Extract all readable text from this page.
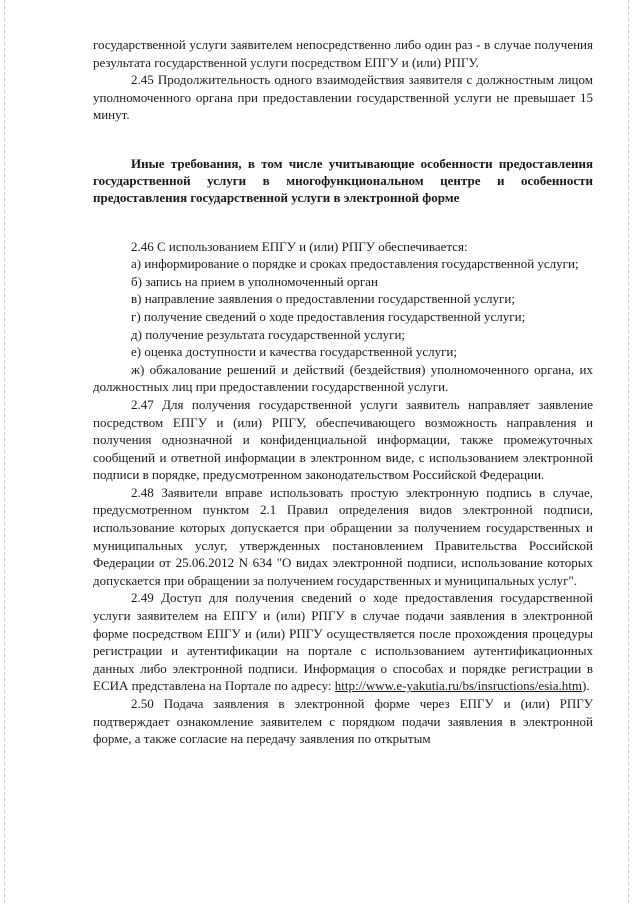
государственной услуги заявителем непосредственно либо один раз - в случае получения результата государственной услуги посредством ЕПГУ и (или) РПГУ.

2.45 Продолжительность одного взаимодействия заявителя с должностным лицом уполномоченного органа при предоставлении государственной услуги не превышает 15 минут.

Иные требования, в том числе учитывающие особенности предоставления государственной услуги в многофункциональном центре и особенности предоставления государственной услуги в электронной форме

2.46 С использованием ЕПГУ и (или) РПГУ обеспечивается:

а) информирование о порядке и сроках предоставления государственной услуги;

б) запись на прием в уполномоченный орган

в) направление заявления о предоставлении государственной услуги;

г) получение сведений о ходе предоставления государственной услуги;

д) получение результата государственной услуги;

е) оценка доступности и качества государственной услуги;

ж) обжалование решений и действий (бездействия) уполномоченного органа, их должностных лиц при предоставлении государственной услуги.

2.47 Для получения государственной услуги заявитель направляет заявление посредством ЕПГУ и (или) РПГУ, обеспечивающего возможность направления и получения однозначной и конфиденциальной информации, также промежуточных сообщений и ответной информации в электронном виде, с использованием электронной подписи в порядке, предусмотренном законодательством Российской Федерации.

2.48 Заявители вправе использовать простую электронную подпись в случае, предусмотренном пунктом 2.1 Правил определения видов электронной подписи, использование которых допускается при обращении за получением государственных и муниципальных услуг, утвержденных постановлением Правительства Российской Федерации от 25.06.2012 N 634 "О видах электронной подписи, использование которых допускается при обращении за получением государственных и муниципальных услуг".

2.49 Доступ для получения сведений о ходе предоставления государственной услуги заявителем на ЕПГУ и (или) РПГУ в случае подачи заявления в электронной форме посредством ЕПГУ и (или) РПГУ осуществляется после прохождения процедуры регистрации и аутентификации на портале с использованием аутентификационных данных либо электронной подписи. Информация о способах и порядке регистрации в ЕСИА представлена на Портале по адресу: http://www.e-yakutia.ru/bs/insructions/esia.htm).

2.50 Подача заявления в электронной форме через ЕПГУ и (или) РПГУ подтверждает ознакомление заявителем с порядком подачи заявления в электронной форме, а также согласие на передачу заявления по открытым
